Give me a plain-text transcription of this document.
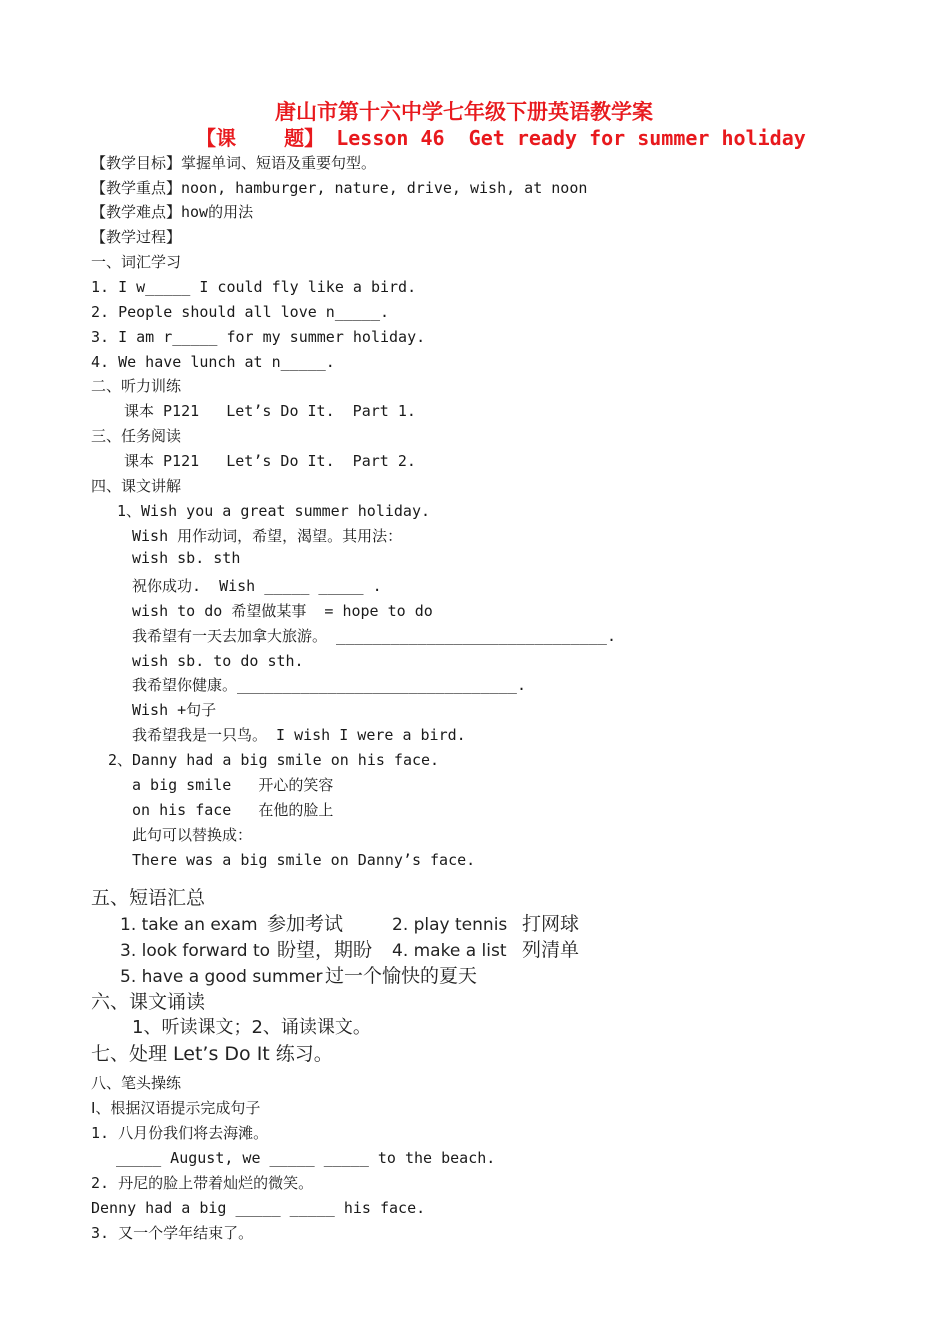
唐山市第十六中学七年级下册英语教学案
【课    题】 Lesson 46  Get ready for summer holiday
【教学目标】掌握单词、短语及重要句型。
【教学重点】noon, hamburger, nature, drive, wish, at noon
【教学难点】how的用法
【教学过程】
一、词汇学习
1. I w_____ I could fly like a bird.
2. People should all love n_____.
3. I am r_____ for my summer holiday.
4. We have lunch at n_____.
二、听力训练
课本 P121   Let’s Do It.  Part 1.
三、任务阅读
课本 P121   Let’s Do It.  Part 2.
四、课文讲解
1、Wish you a great summer holiday.
Wish 用作动词，希望，渴望。其用法：
wish sb. sth
祝你成功.  Wish _____ _____ .
wish to do 希望做某事  = hope to do
我希望有一天去加拿大旅游。 ______________________________.
wish sb. to do sth.
我希望你健康。_______________________________.
Wish +句子
我希望我是一只鸟。 I wish I were a bird.
2、Danny had a big smile on his face.
a big smile   开心的笑容
on his face   在他的脸上
此句可以替换成：
There was a big smile on Danny’s face.
五、短语汇总
1. take an exam 参加考试	2. play tennis 打网球
3. look forward to 盼望，期盼 4. make a list 列清单
5. have a good summer 过一个愉快的夏天
六、课文诵读
1、听读课文；2、诵读课文。
七、处理 Let’s Do It 练习。
八、笔头操练
I、根据汉语提示完成句子
1. 八月份我们将去海滩。
_____ August, we _____ _____ to the beach.
2. 丹尼的脸上带着灿烂的微笑。
Denny had a big _____ _____ his face.
3. 又一个学年结束了。
